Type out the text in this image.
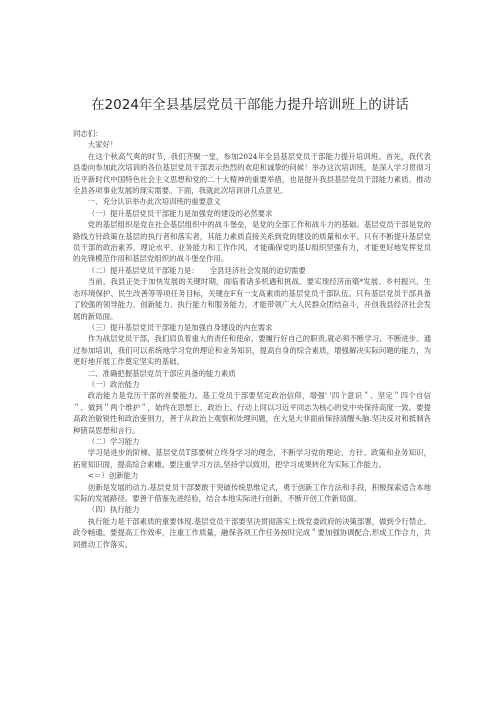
在2024年全县基层党员干部能力提升培训班上的讲话

同志们：

大家好！

在这个秋高气爽的时节，我们齐聚一堂，参加2024年全县基层党员干部能力提升培训班。首先，我代表县委向参加此次培训的各位基层党员干部表示热烈的欢迎和诚挚的问候！举办这次培训班，是深入学习贯彻习近平新时代中国特色社会主义思想和党的二十大精神的重要举措，也是提升我县基层党员干部能力素质、推动全县各项事业发展的现实需要。下面，我就此次培训讲几点意见。

一、充分认识举办此次培训班的重要意义

（一）提升基层党员干部能力是加强党的建设的必然要求

党的基层组织是党在社会基层组织中的战斗堡垒，是党的全部工作和战斗力的基础。基层党员干部是党的路线方针政策在基层的执行者和落实者，其能力素质直接关系到党的建设的质量和水平。只有不断提升基层党员干部的政治素养、理论水平、业务能力和工作作风，才能确保党的基U组织坚强有力，才能更好地发挥党员的先锋模范作用和基层党组织的战斗堡垒作用。

（二）提升基层党员干部能力是：　　全县廷济社会发展的迫切需要

当前，我县正处于加快发展的关键时期，面临着诸多机遇和挑战。要实现经济而築*发展、乡村振兴、生态环境保护、民生改善等等项任务目标，关键在F有一支高素质的基层党员干部队伍。只有基层党员干部具备了较强的领导能力、创新能力、执行能力和服务能力，才能带领广大人民群众团结奋斗，开创我县经济社会发展的新局面。

（三）提升基层党员干部能力是加强自身建设的内在需求

作为战层党员干部，我们肩负着重大的责任和使命。要履行好自己的职责,就必须不断学习、不断进步。通过参加培训，我们可以系统地学习党的理论和业务知识，提高自身的综合素质，增强解决实际问题的能力，为更好地开展工作奠定坚实的基础。

二、准确把握基层党员干部应具备的能力素质

（一）政治能力

政治能力是党历干部的首要能力。基工党员干部要坚定政治信仰，增强' '四个意识＂、坚定＂四个自信＂、做到＂两个维护＂，始终在思想上、政治上、行动上同以习近平同志为核心的党中央保持高度一致。要提高政治敏锐性和政治鉴别力，善于从政治上观察和处理问题，在大是大非面前保持清醒头脑.坚决反对和抵制各种错误思想和言行。

（二）学习能力

学习是进步的阶梯。基层党员T部要树立终身学习的理念，不断学习党的理论、方针、政策和业务知识，拓宽知识面，提高综合素癥。要注重学习方法,坚持学以致用，把学习成果转化为实际工作能力。

<＝）创新能力

创新是发展的动力.基层党员干部要敢于突破传统思维定式，勇于创新工作方法和手段，积极探索适合本地实际的发展路径。要善于借鉴先进经验，结合本地实际进行创新，不断开创工作新局面。

（四）执行能力

执行能力是干部素质的重要体现.基层党员干部要坚决贯彻落实上级党委政府的决策部署，做到令行禁止、政令畅通。要提高工作效率，注重工作质量，融保各项工作任务按时完成＂要加强协调配合,形成工作合力，共同推动工作落实。
